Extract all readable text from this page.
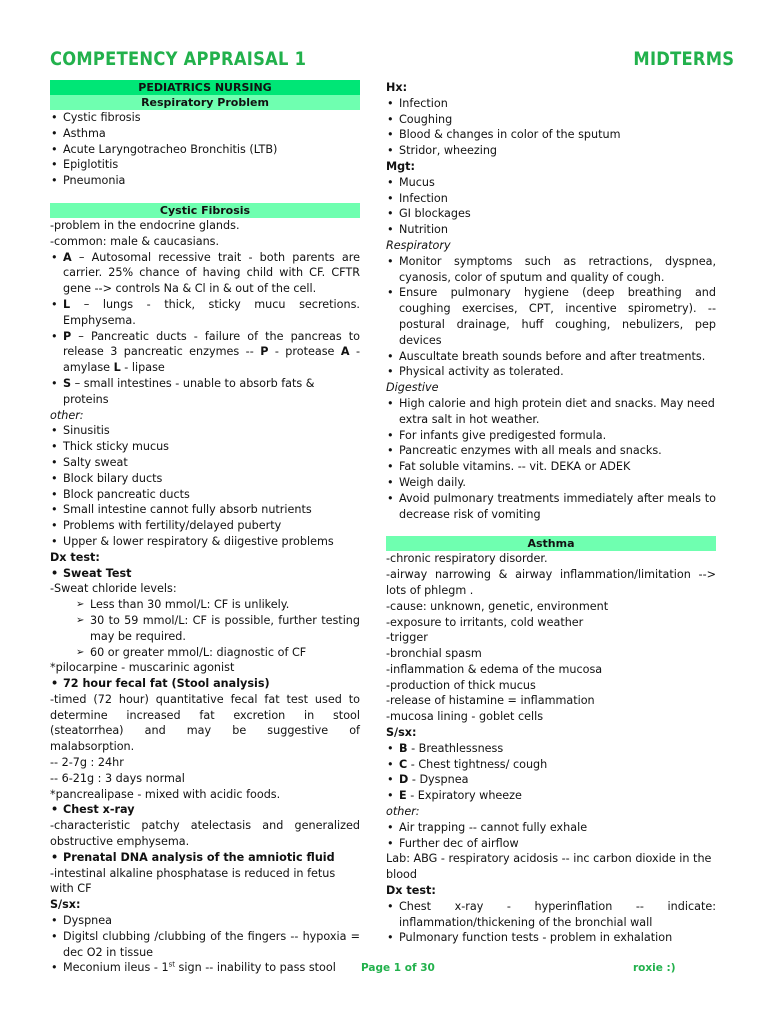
COMPETENCY APPRAISAL 1	MIDTERMS
PEDIATRICS NURSING
Respiratory Problem
• Cystic fibrosis
• Asthma
• Acute Laryngotracheo Bronchitis (LTB)
• Epiglotitis
• Pneumonia
Cystic Fibrosis

-problem in the endocrine glands.

-common: male & caucasians.

• A – Autosomal recessive trait - both parents are carrier. 25% chance of having child with CF. CFTR gene --> controls Na & Cl in & out of the cell.
• L – lungs - thick, sticky mucu secretions. Emphysema.
• P – Pancreatic ducts - failure of the pancreas to release 3 pancreatic enzymes -- P - protease A - amylase L - lipase
• S – small intestines - unable to absorb fats & proteins

other:

• Sinusitis
• Thick sticky mucus
• Salty sweat
• Block bilary ducts
• Block pancreatic ducts
• Small intestine cannot fully absorb nutrients
• Problems with fertility/delayed puberty
• Upper & lower respiratory & diigestive problems

Dx test:

• Sweat Test

-Sweat chloride levels:

➢ Less than 30 mmol/L: CF is unlikely.
➢ 30 to 59 mmol/L: CF is possible, further testing may be required.
➢ 60 or greater mmol/L: diagnostic of CF

*pilocarpine - muscarinic agonist

• 72 hour fecal fat (Stool analysis)

-timed (72 hour) quantitative fecal fat test used to determine increased fat excretion in stool (steatorrhea) and may be suggestive of malabsorption.

-- 2-7g : 24hr

-- 6-21g : 3 days normal

*pancrealipase - mixed with acidic foods.

• Chest x-ray

-characteristic patchy atelectasis and generalized obstructive emphysema.

• Prenatal DNA analysis of the amniotic fluid

-intestinal alkaline phosphatase is reduced in fetus with CF

S/sx:

• Dyspnea
• Digitsl clubbing /clubbing of the fingers -- hypoxia = dec O2 in tissue
• Meconium ileus - 1st sign -- inability to pass stool

Hx:

• Infection
• Coughing
• Blood & changes in color of the sputum
• Stridor, wheezing

Mgt:

• Mucus
• Infection
• GI blockages
• Nutrition

Respiratory

• Monitor symptoms such as retractions, dyspnea, cyanosis, color of sputum and quality of cough.
• Ensure pulmonary hygiene (deep breathing and coughing exercises, CPT, incentive spirometry). -- postural drainage, huff coughing, nebulizers, pep devices
• Auscultate breath sounds before and after treatments.
• Physical activity as tolerated.

Digestive

• High calorie and high protein diet and snacks. May need extra salt in hot weather.
• For infants give predigested formula.
• Pancreatic enzymes with all meals and snacks.
• Fat soluble vitamins. -- vit. DEKA or ADEK
• Weigh daily.
• Avoid pulmonary treatments immediately after meals to decrease risk of vomiting
Asthma

-chronic respiratory disorder.

-airway narrowing & airway inflammation/limitation --> lots of phlegm .

-cause: unknown, genetic, environment

-exposure to irritants, cold weather

-trigger

-bronchial spasm

-inflammation & edema of the mucosa

-production of thick mucus

-release of histamine = inflammation

-mucosa lining - goblet cells

S/sx:

• B - Breathlessness
• C - Chest tightness/ cough
• D - Dyspnea
• E - Expiratory wheeze

other:

• Air trapping -- cannot fully exhale
• Further dec of airflow

Lab: ABG - respiratory acidosis -- inc carbon dioxide in the blood

Dx test:

• Chest x-ray - hyperinflation -- indicate: inflammation/thickening of the bronchial wall
• Pulmonary function tests - problem in exhalation
Page 1 of 30	roxie :)
